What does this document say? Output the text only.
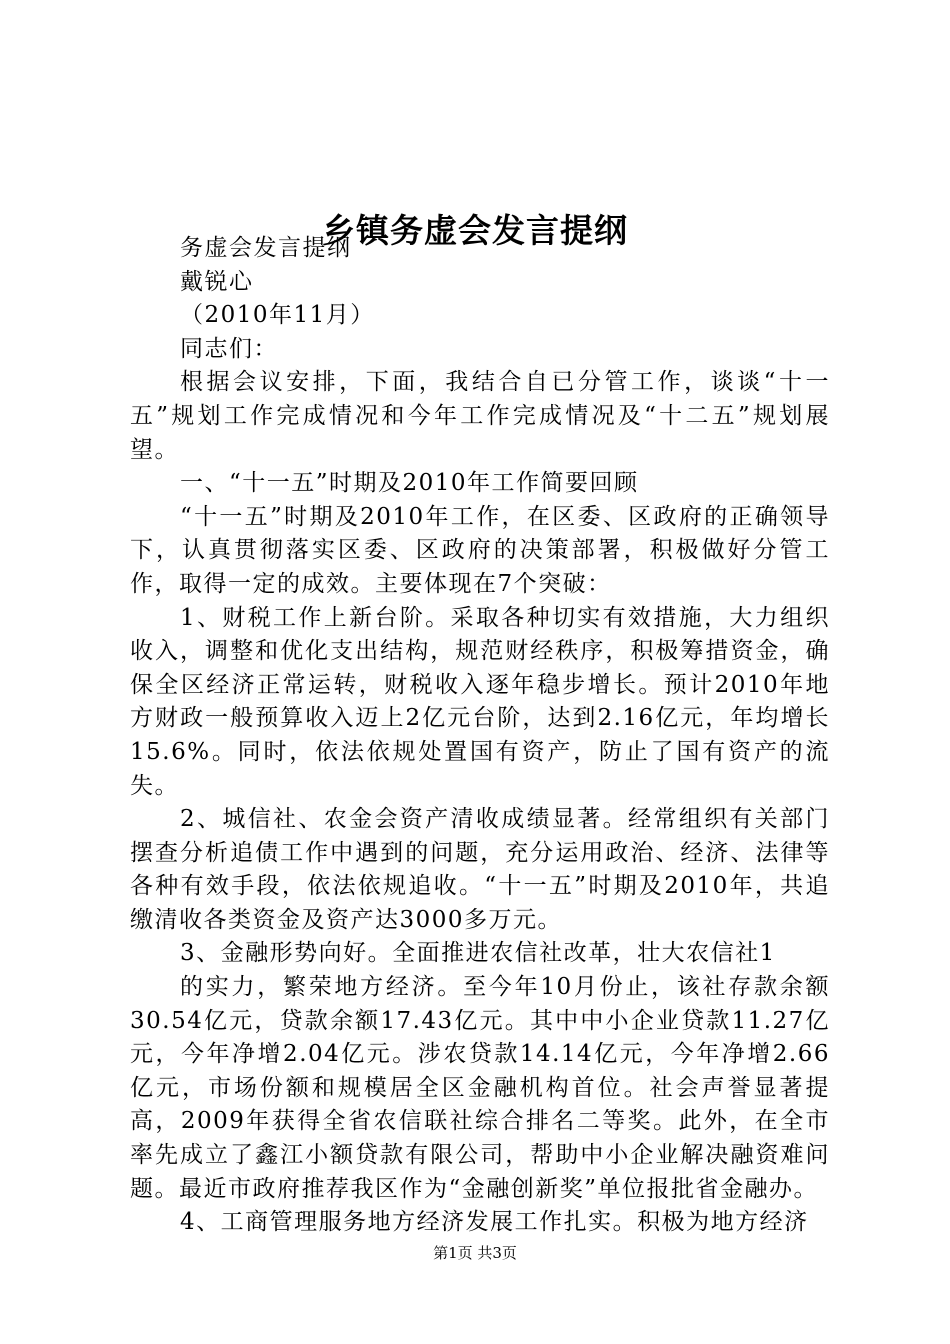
乡镇务虚会发言提纲

务虚会发言提纲

戴锐心

（2010年11月）

同志们：

根据会议安排，下面，我结合自已分管工作，谈谈“十一五”规划工作完成情况和今年工作完成情况及“十二五”规划展望。

一、“十一五”时期及2010年工作简要回顾

“十一五”时期及2010年工作，在区委、区政府的正确领导下，认真贯彻落实区委、区政府的决策部署，积极做好分管工作，取得一定的成效。主要体现在7个突破：

1、财税工作上新台阶。采取各种切实有效措施，大力组织收入，调整和优化支出结构，规范财经秩序，积极筹措资金，确保全区经济正常运转，财税收入逐年稳步增长。预计2010年地方财政一般预算收入迈上2亿元台阶，达到2.16亿元，年均增长15.6%。同时，依法依规处置国有资产，防止了国有资产的流失。

2、城信社、农金会资产清收成绩显著。经常组织有关部门摆查分析追债工作中遇到的问题，充分运用政治、经济、法律等各种有效手段，依法依规追收。“十一五”时期及2010年，共追缴清收各类资金及资产达3000多万元。

3、金融形势向好。全面推进农信社改革，壮大农信社1

的实力，繁荣地方经济。至今年10月份止，该社存款余额30.54亿元，贷款余额17.43亿元。其中中小企业贷款11.27亿元，今年净增2.04亿元。涉农贷款14.14亿元，今年净增2.66亿元，市场份额和规模居全区金融机构首位。社会声誉显著提高，2009年获得全省农信联社综合排名二等奖。此外，在全市率先成立了鑫江小额贷款有限公司，帮助中小企业解决融资难问题。最近市政府推荐我区作为“金融创新奖”单位报批省金融办。

4、工商管理服务地方经济发展工作扎实。积极为地方经济

第1页 共3页
